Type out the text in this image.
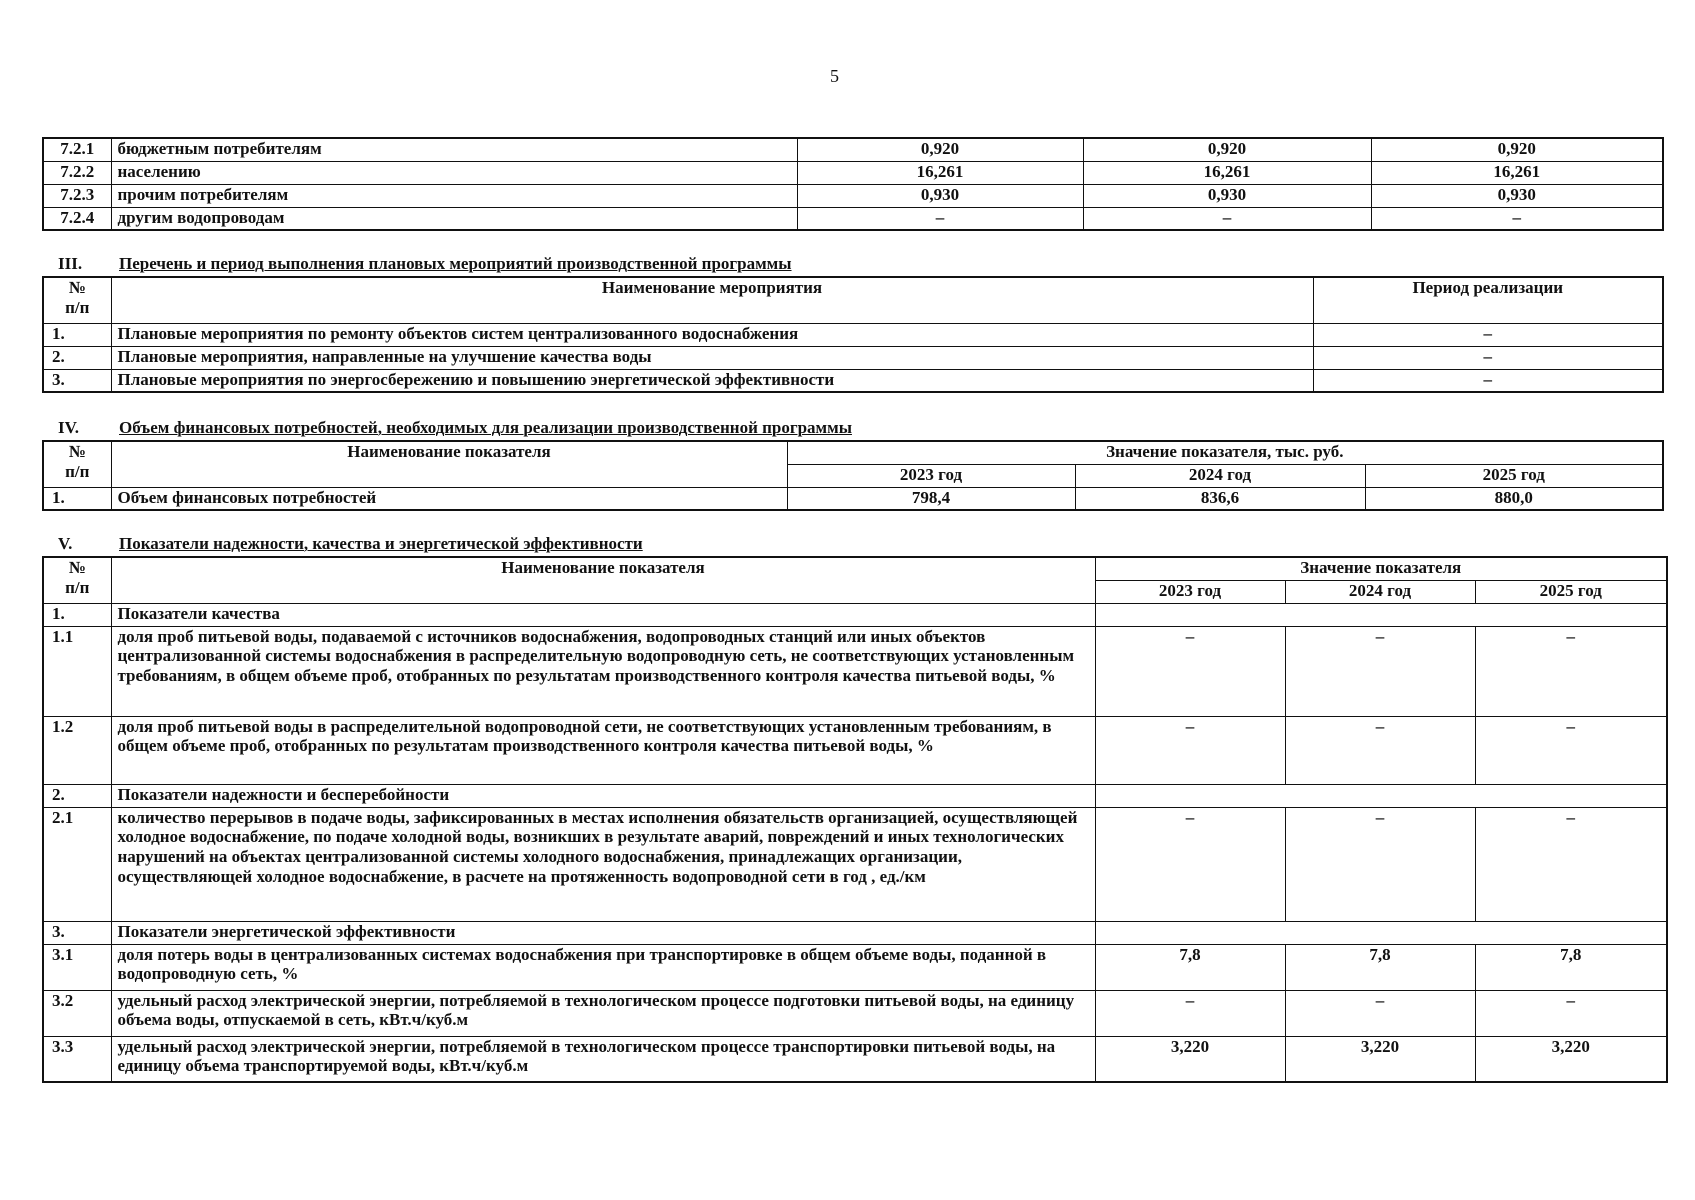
5
7.2.1	бюджетным потребителям	0,920	0,920	0,920
7.2.2	населению	16,261	16,261	16,261
7.2.3	прочим потребителям	0,930	0,930	0,930
7.2.4	другим водопроводам	–	–	–
III. Перечень и период выполнения плановых мероприятий производственной программы
№
п/п	Наименование мероприятия	Период реализации
1.	Плановые мероприятия по ремонту объектов систем централизованного водоснабжения	–
2.	Плановые мероприятия, направленные на улучшение качества воды	–
3.	Плановые мероприятия по энергосбережению и повышению энергетической эффективности	–
IV. Объем финансовых потребностей, необходимых для реализации производственной программы
№
п/п	Наименование показателя	Значение показателя, тыс. руб.		
		2023 год	2024 год	2025 год
1.	Объем финансовых потребностей	798,4	836,6	880,0
V.	Показатели надежности, качества и энергетической эффективности
№
п/п	Наименование показателя	Значение показателя		
		2023 год	2024 год	2025 год
1.	Показатели качества			
1.1	доля проб питьевой воды, подаваемой с источников водоснабжения, водопроводных станций или иных объектов централизованной системы водоснабжения в распределительную водопроводную сеть, не соответствующих установленным требованиям, в общем объеме проб, отобранных по результатам производственного контроля качества питьевой воды, %	–	–	–
1.2	доля проб питьевой воды в распределительной водопроводной сети, не соответствующих установленным требованиям, в общем объеме проб, отобранных по результатам производственного контроля качества питьевой воды, %	–	–	–
2.	Показатели надежности и бесперебойности			
2.1	количество перерывов в подаче воды, зафиксированных в местах исполнения обязательств организацией, осуществляющей холодное водоснабжение, по подаче холодной воды, возникших в результате аварий, повреждений и иных технологических нарушений на объектах централизованной системы холодного водоснабжения, принадлежащих организации, осуществляющей холодное водоснабжение, в расчете на протяженность водопроводной сети в год , ед./км	–	–	–
3.	Показатели энергетической эффективности			
3.1	доля потерь воды в централизованных системах водоснабжения при транспортировке в общем объеме воды, поданной в водопроводную сеть, %	7,8	7,8	7,8
3.2	удельный расход электрической энергии, потребляемой в технологическом процессе подготовки питьевой воды, на единицу объема воды, отпускаемой в сеть, кВт.ч/куб.м	–	–	–
3.3	удельный расход электрической энергии, потребляемой в технологическом процессе транспортировки питьевой воды, на единицу объема транспортируемой воды, кВт.ч/куб.м	3,220	3,220	3,220
